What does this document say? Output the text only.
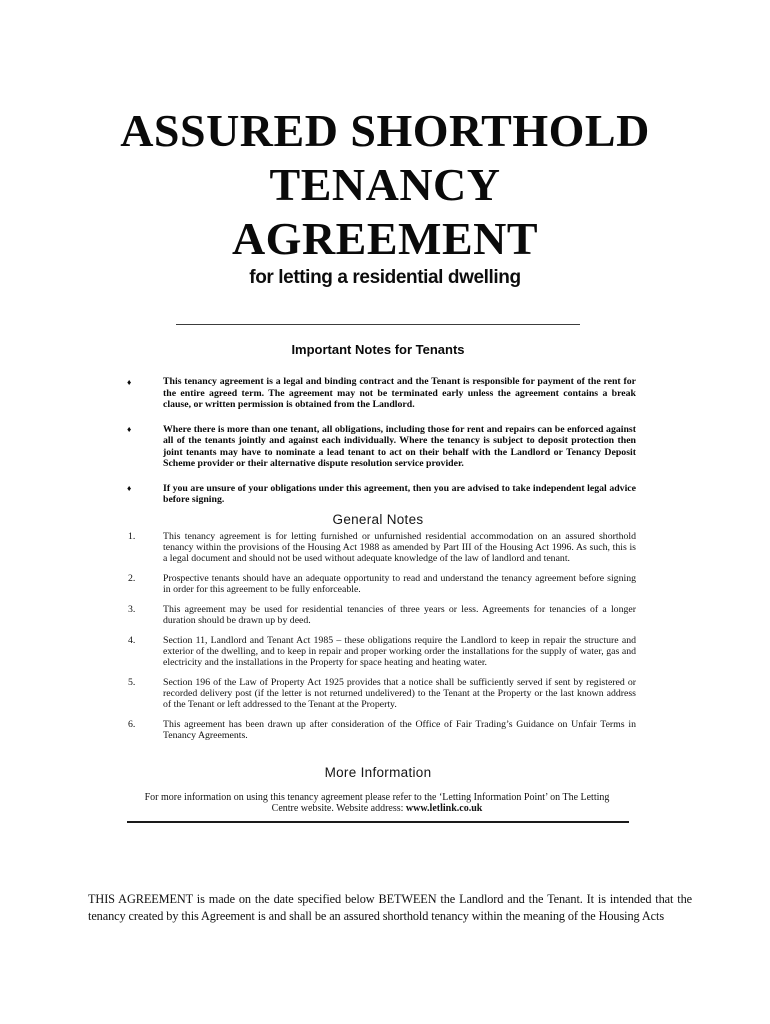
ASSURED SHORTHOLD
TENANCY
AGREEMENT
for letting a residential dwelling
Important Notes for Tenants
♦	This tenancy agreement is a legal and binding contract and the Tenant is responsible for payment of the rent for the entire agreed term. The agreement may not be terminated early unless the agreement contains a break clause, or written permission is obtained from the Landlord.

♦	Where there is more than one tenant, all obligations, including those for rent and repairs can be enforced against all of the tenants jointly and against each individually. Where the tenancy is subject to deposit protection then joint tenants may have to nominate a lead tenant to act on their behalf with the Landlord or Tenancy Deposit Scheme provider or their alternative dispute resolution service provider.

♦	If you are unsure of your obligations under this agreement, then you are advised to take independent legal advice before signing.

General Notes
1.	This tenancy agreement is for letting furnished or unfurnished residential accommodation on an assured shorthold tenancy within the provisions of the Housing Act 1988 as amended by Part III of the Housing Act 1996. As such, this is a legal document and should not be used without adequate knowledge of the law of landlord and tenant.

2.	Prospective tenants should have an adequate opportunity to read and understand the tenancy agreement before signing in order for this agreement to be fully enforceable.

3.	This agreement may be used for residential tenancies of three years or less. Agreements for tenancies of a longer duration should be drawn up by deed.

4.	Section 11, Landlord and Tenant Act 1985 – these obligations require the Landlord to keep in repair the structure and exterior of the dwelling, and to keep in repair and proper working order the installations for the supply of water, gas and electricity and the installations in the Property for space heating and heating water.

5.	Section 196 of the Law of Property Act 1925 provides that a notice shall be sufficiently served if sent by registered or recorded delivery post (if the letter is not returned undelivered) to the Tenant at the Property or the last known address of the Tenant or left addressed to the Tenant at the Property.

6.	This agreement has been drawn up after consideration of the Office of Fair Trading’s Guidance on Unfair Terms in Tenancy Agreements.

More Information

For more information on using this tenancy agreement please refer to the ‘Letting Information Point’ on The Letting
Centre website. Website address: www.letlink.co.uk

THIS AGREEMENT is made on the date specified below BETWEEN the Landlord and the Tenant. It is intended that the tenancy created by this Agreement is and shall be an assured shorthold tenancy within the meaning of the Housing Acts
